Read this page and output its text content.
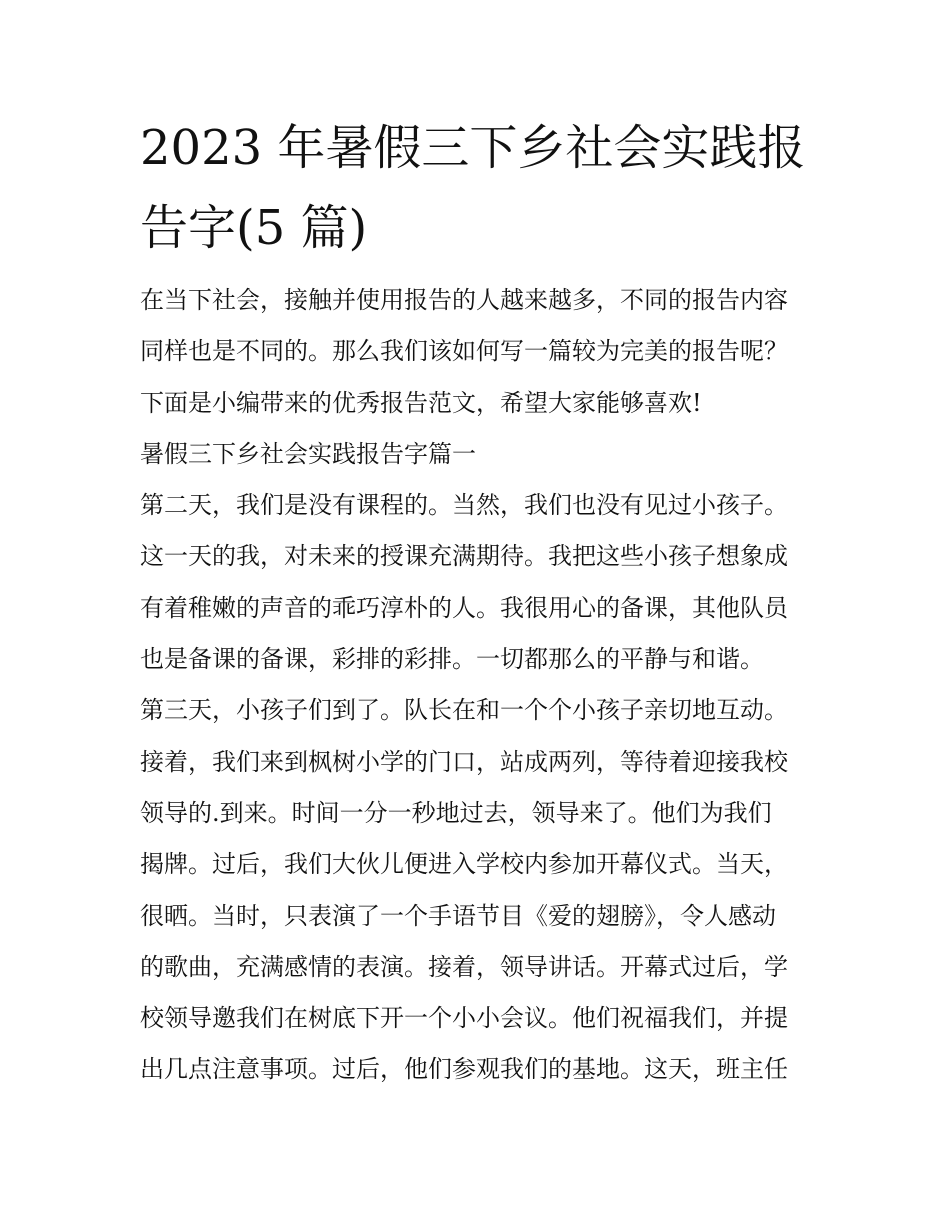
2023 年暑假三下乡社会实践报
告字(5 篇)
在当下社会，接触并使用报告的人越来越多，不同的报告内容
同样也是不同的。那么我们该如何写一篇较为完美的报告呢？
下面是小编带来的优秀报告范文，希望大家能够喜欢!
暑假三下乡社会实践报告字篇一
第二天，我们是没有课程的。当然，我们也没有见过小孩子。
这一天的我，对未来的授课充满期待。我把这些小孩子想象成
有着稚嫩的声音的乖巧淳朴的人。我很用心的备课，其他队员
也是备课的备课，彩排的彩排。一切都那么的平静与和谐。
第三天，小孩子们到了。队长在和一个个小孩子亲切地互动。
接着，我们来到枫树小学的门口，站成两列，等待着迎接我校
领导的.到来。时间一分一秒地过去，领导来了。他们为我们
揭牌。过后，我们大伙儿便进入学校内参加开幕仪式。当天，
很晒。当时，只表演了一个手语节目《爱的翅膀》，令人感动
的歌曲，充满感情的表演。接着，领导讲话。开幕式过后，学
校领导邀我们在树底下开一个小小会议。他们祝福我们，并提
出几点注意事项。过后，他们参观我们的基地。这天，班主任
